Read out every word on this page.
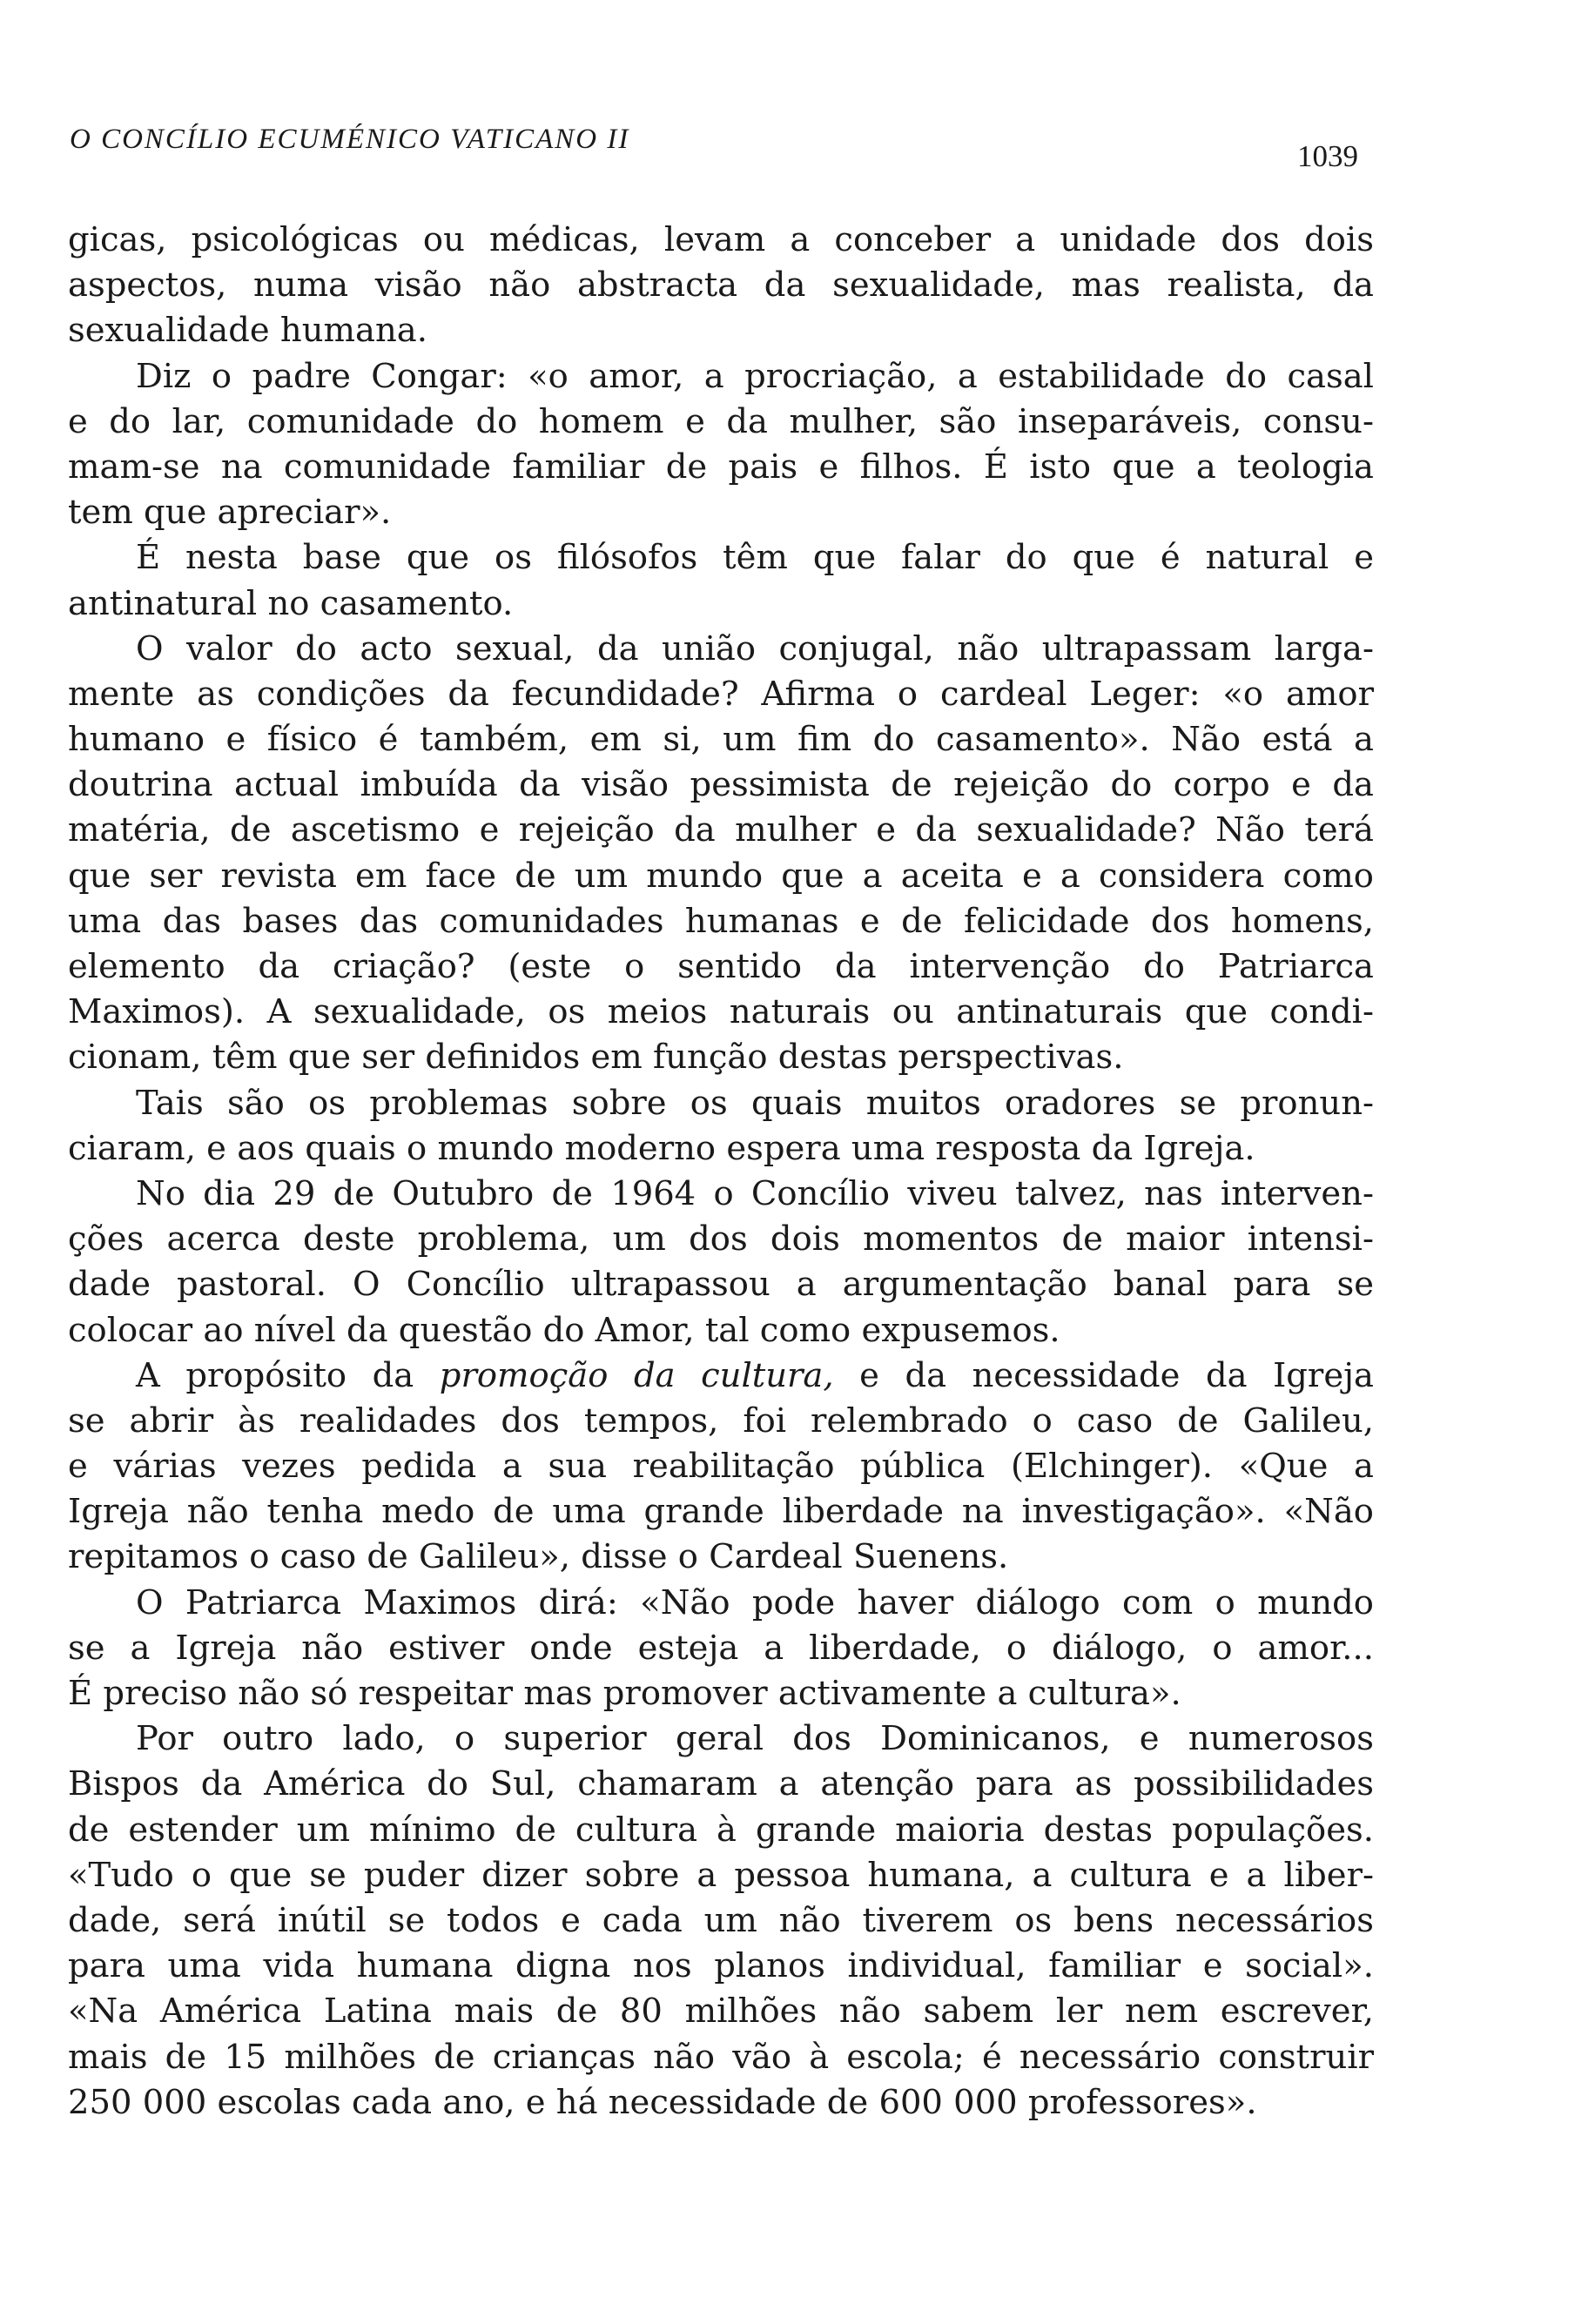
O CONCÍLIO ECUMÉNICO VATICANO II	1039
gicas, psicológicas ou médicas, levam a conceber a unidade dos dois
aspectos, numa visão não abstracta da sexualidade, mas realista, da
sexualidade humana.
Diz o padre Congar: «o amor, a procriação, a estabilidade do casal
e do lar, comunidade do homem e da mulher, são inseparáveis, consu-
mam-se na comunidade familiar de pais e filhos. É isto que a teologia
tem que apreciar».
É nesta base que os filósofos têm que falar do que é natural e
antinatural no casamento.
O valor do acto sexual, da união conjugal, não ultrapassam larga-
mente as condições da fecundidade? Afirma o cardeal Leger: «o amor
humano e físico é também, em si, um fim do casamento». Não está a
doutrina actual imbuída da visão pessimista de rejeição do corpo e da
matéria, de ascetismo e rejeição da mulher e da sexualidade? Não terá
que ser revista em face de um mundo que a aceita e a considera como
uma das bases das comunidades humanas e de felicidade dos homens,
elemento da criação? (este o sentido da intervenção do Patriarca
Maximos). A sexualidade, os meios naturais ou antinaturais que condi-
cionam, têm que ser definidos em função destas perspectivas.
Tais são os problemas sobre os quais muitos oradores se pronun-
ciaram, e aos quais o mundo moderno espera uma resposta da Igreja.
No dia 29 de Outubro de 1964 o Concílio viveu talvez, nas interven-
ções acerca deste problema, um dos dois momentos de maior intensi-
dade pastoral. O Concílio ultrapassou a argumentação banal para se
colocar ao nível da questão do Amor, tal como expusemos.
A propósito da promoção da cultura, e da necessidade da Igreja
se abrir às realidades dos tempos, foi relembrado o caso de Galileu,
e várias vezes pedida a sua reabilitação pública (Elchinger). «Que a
Igreja não tenha medo de uma grande liberdade na investigação». «Não
repitamos o caso de Galileu», disse o Cardeal Suenens.
O Patriarca Maximos dirá: «Não pode haver diálogo com o mundo
se a Igreja não estiver onde esteja a liberdade, o diálogo, o amor...
É preciso não só respeitar mas promover activamente a cultura».
Por outro lado, o superior geral dos Dominicanos, e numerosos
Bispos da América do Sul, chamaram a atenção para as possibilidades
de estender um mínimo de cultura à grande maioria destas populações.
«Tudo o que se puder dizer sobre a pessoa humana, a cultura e a liber-
dade, será inútil se todos e cada um não tiverem os bens necessários
para uma vida humana digna nos planos individual, familiar e social».
«Na América Latina mais de 80 milhões não sabem ler nem escrever,
mais de 15 milhões de crianças não vão à escola; é necessário construir
250 000 escolas cada ano, e há necessidade de 600 000 professores».
